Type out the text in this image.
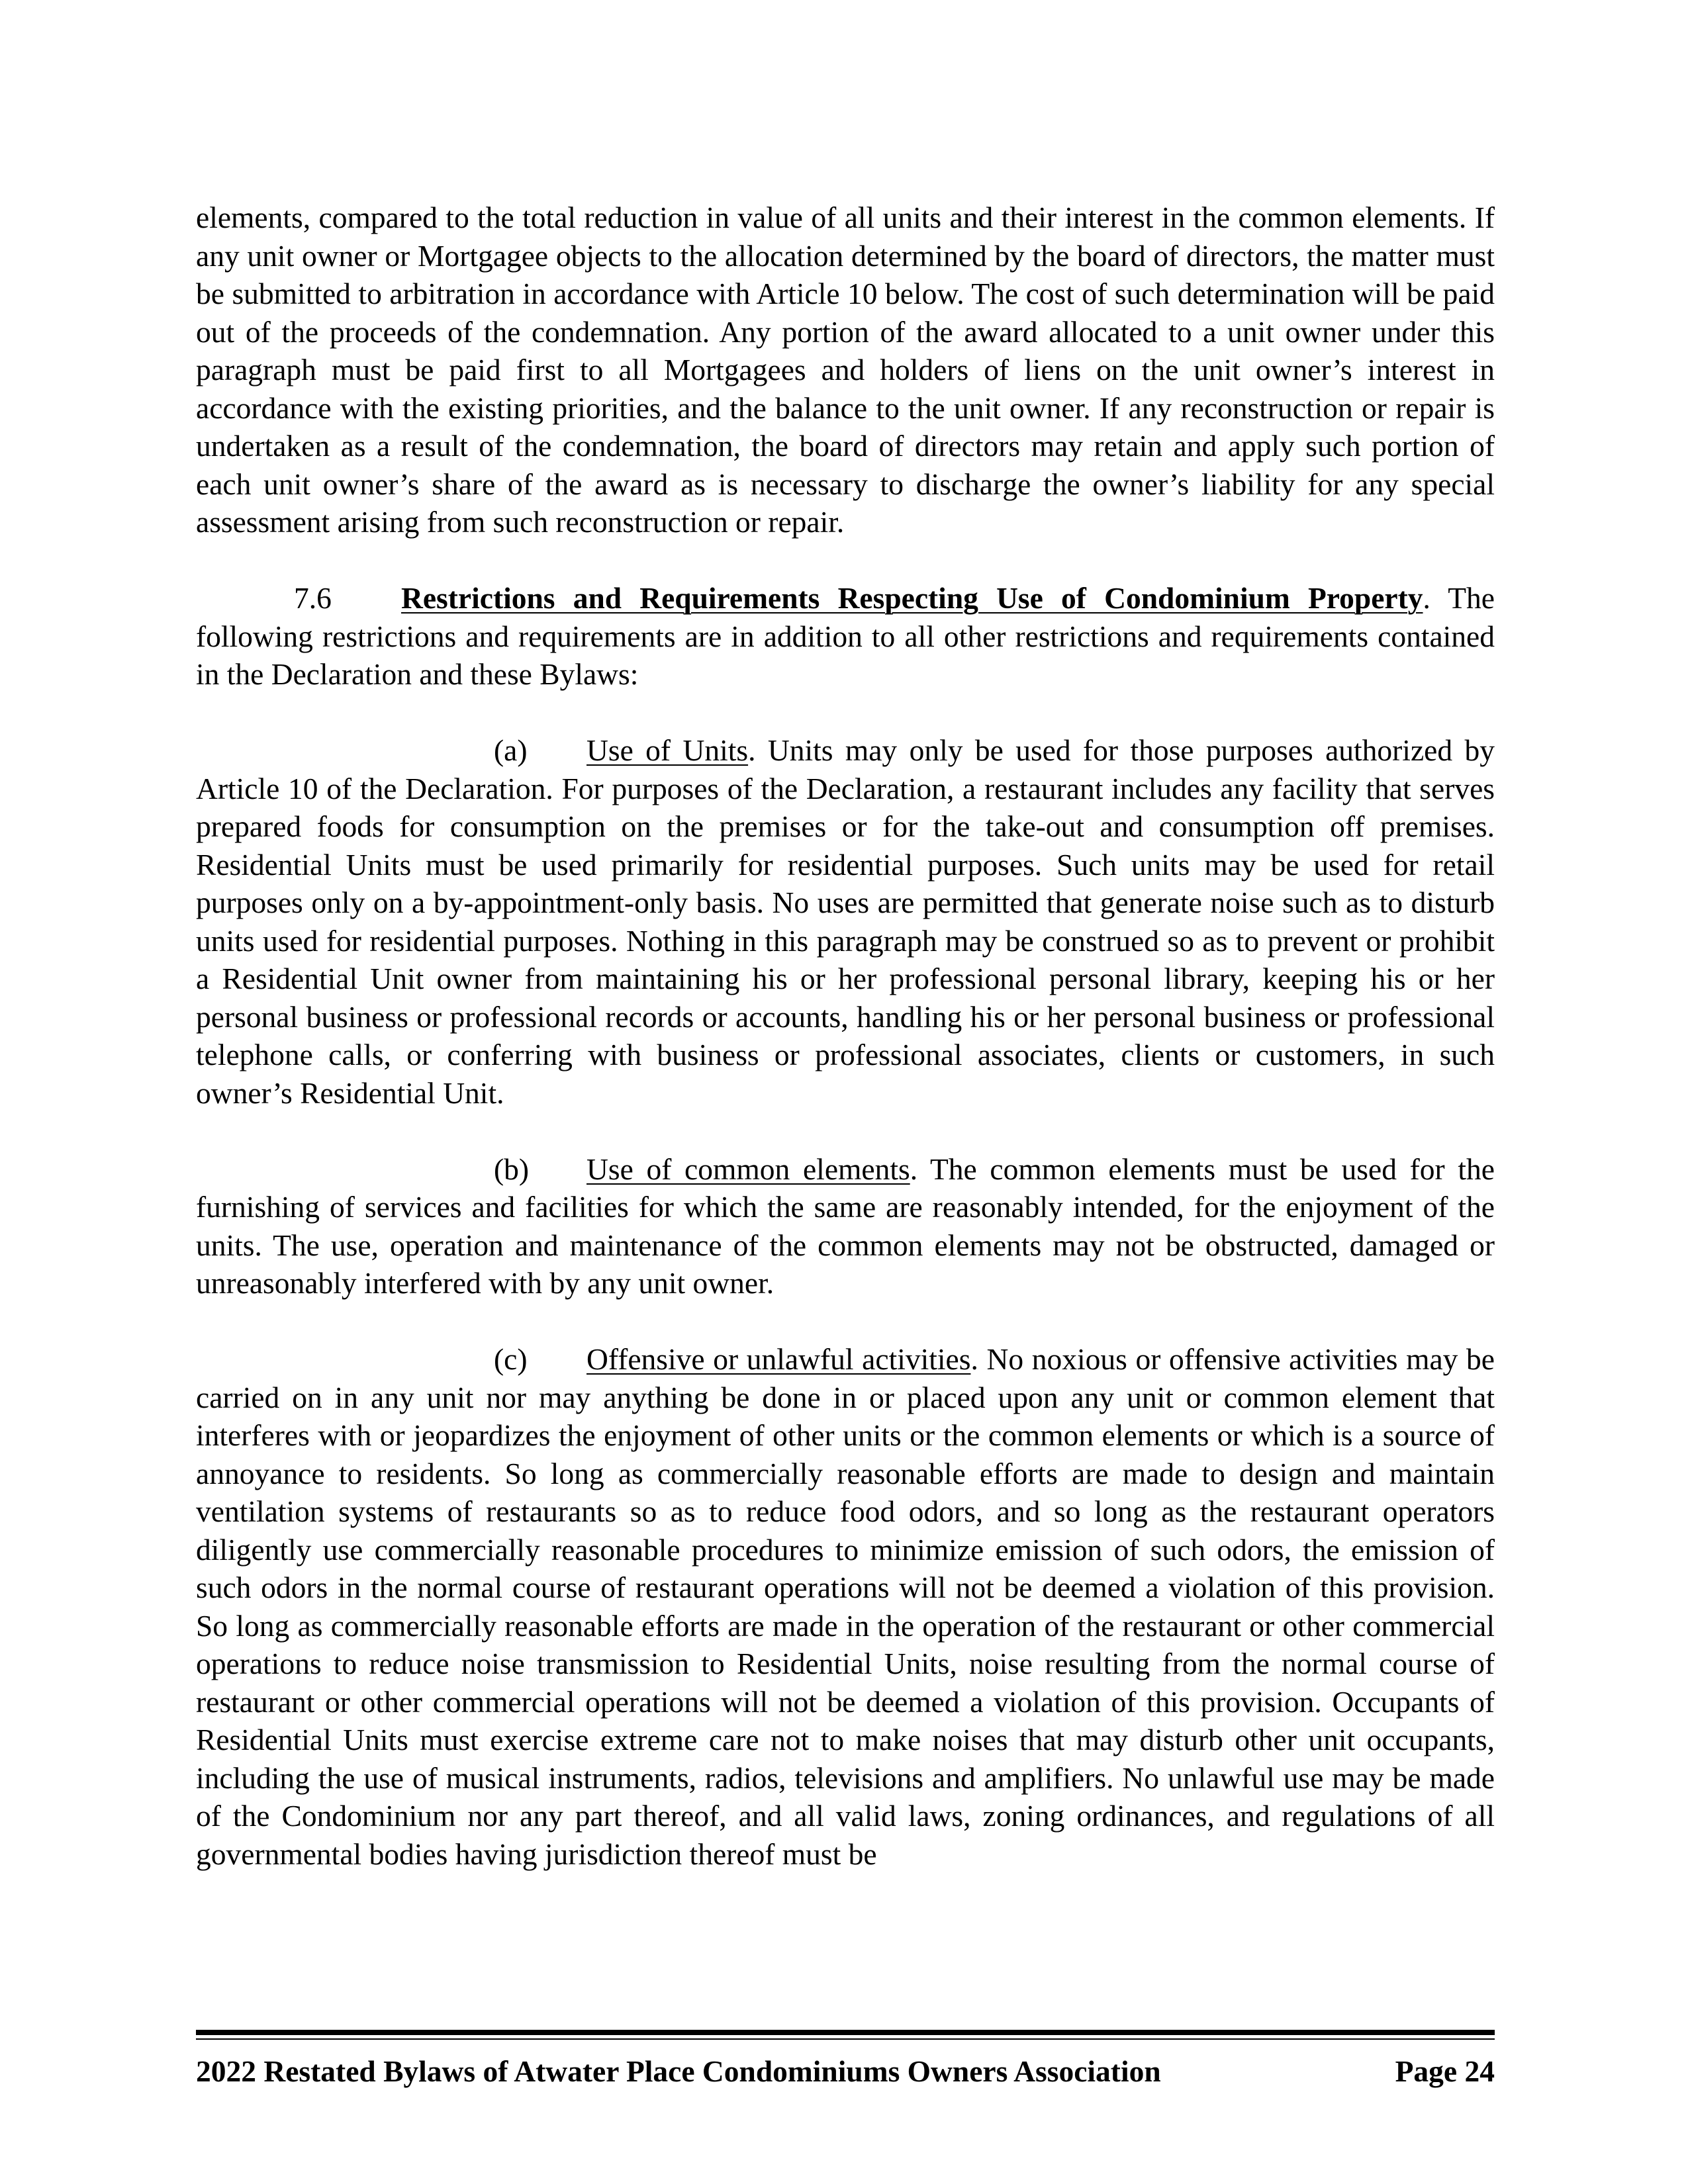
elements, compared to the total reduction in value of all units and their interest in the common elements. If any unit owner or Mortgagee objects to the allocation determined by the board of directors, the matter must be submitted to arbitration in accordance with Article 10 below. The cost of such determination will be paid out of the proceeds of the condemnation. Any portion of the award allocated to a unit owner under this paragraph must be paid first to all Mortgagees and holders of liens on the unit owner’s interest in accordance with the existing priorities, and the balance to the unit owner. If any reconstruction or repair is undertaken as a result of the condemnation, the board of directors may retain and apply such portion of each unit owner’s share of the award as is necessary to discharge the owner’s liability for any special assessment arising from such reconstruction or repair.

7.6 Restrictions and Requirements Respecting Use of Condominium Property. The following restrictions and requirements are in addition to all other restrictions and requirements contained in the Declaration and these Bylaws:

(a) Use of Units. Units may only be used for those purposes authorized by Article 10 of the Declaration. For purposes of the Declaration, a restaurant includes any facility that serves prepared foods for consumption on the premises or for the take-out and consumption off premises. Residential Units must be used primarily for residential purposes. Such units may be used for retail purposes only on a by-appointment-only basis. No uses are permitted that generate noise such as to disturb units used for residential purposes. Nothing in this paragraph may be construed so as to prevent or prohibit a Residential Unit owner from maintaining his or her professional personal library, keeping his or her personal business or professional records or accounts, handling his or her personal business or professional telephone calls, or conferring with business or professional associates, clients or customers, in such owner’s Residential Unit.

(b) Use of common elements. The common elements must be used for the furnishing of services and facilities for which the same are reasonably intended, for the enjoyment of the units. The use, operation and maintenance of the common elements may not be obstructed, damaged or unreasonably interfered with by any unit owner.

(c) Offensive or unlawful activities. No noxious or offensive activities may be carried on in any unit nor may anything be done in or placed upon any unit or common element that interferes with or jeopardizes the enjoyment of other units or the common elements or which is a source of annoyance to residents. So long as commercially reasonable efforts are made to design and maintain ventilation systems of restaurants so as to reduce food odors, and so long as the restaurant operators diligently use commercially reasonable procedures to minimize emission of such odors, the emission of such odors in the normal course of restaurant operations will not be deemed a violation of this provision. So long as commercially reasonable efforts are made in the operation of the restaurant or other commercial operations to reduce noise transmission to Residential Units, noise resulting from the normal course of restaurant or other commercial operations will not be deemed a violation of this provision. Occupants of Residential Units must exercise extreme care not to make noises that may disturb other unit occupants, including the use of musical instruments, radios, televisions and amplifiers. No unlawful use may be made of the Condominium nor any part thereof, and all valid laws, zoning ordinances, and regulations of all governmental bodies having jurisdiction thereof must be

2022 Restated Bylaws of Atwater Place Condominiums Owners Association	Page 24
